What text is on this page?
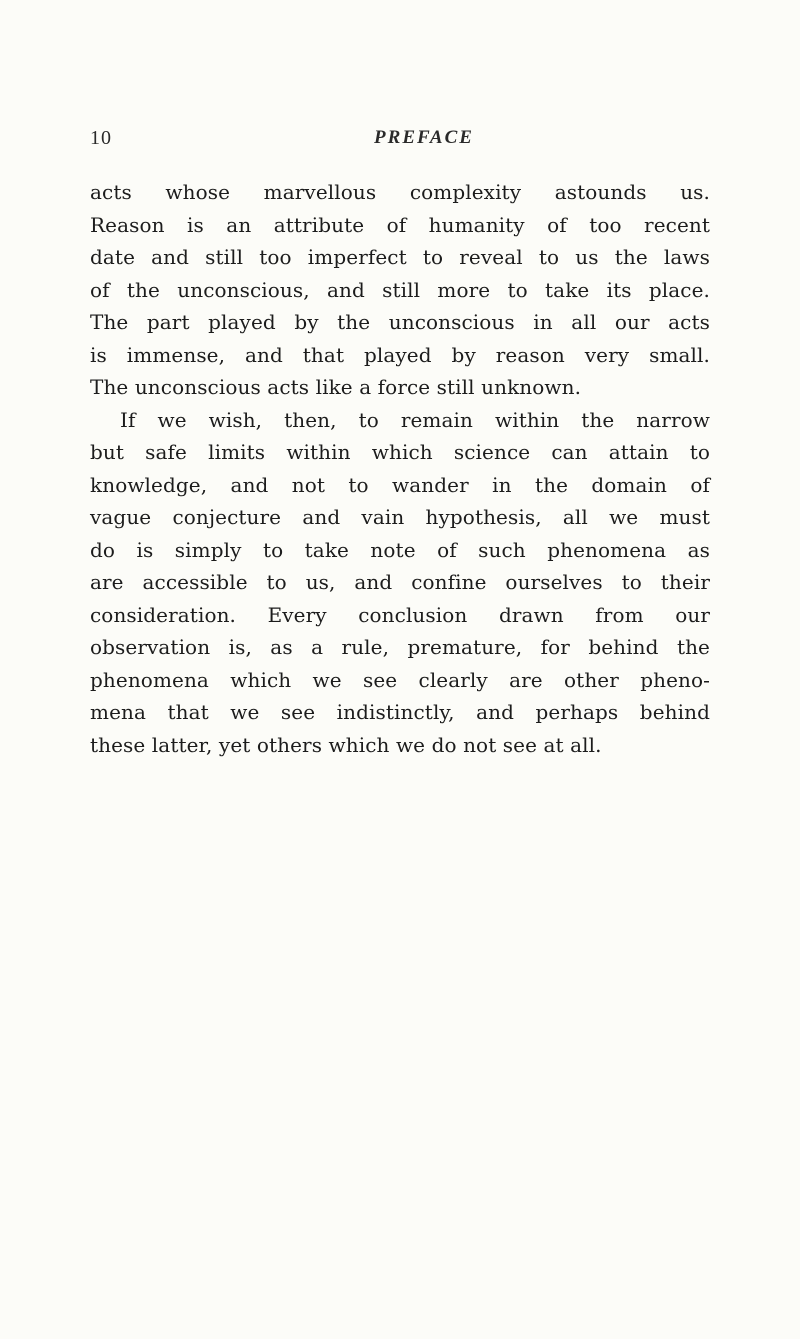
10	PREFACE
acts whose marvellous complexity astounds us.
Reason is an attribute of humanity of too recent
date and still too imperfect to reveal to us the laws
of the unconscious, and still more to take its place.
The part played by the unconscious in all our acts
is immense, and that played by reason very small.
The unconscious acts like a force still unknown.
If we wish, then, to remain within the narrow
but safe limits within which science can attain to
knowledge, and not to wander in the domain of
vague conjecture and vain hypothesis, all we must
do is simply to take note of such phenomena as
are accessible to us, and confine ourselves to their
consideration. Every conclusion drawn from our
observation is, as a rule, premature, for behind the
phenomena which we see clearly are other pheno-
mena that we see indistinctly, and perhaps behind
these latter, yet others which we do not see at all.
